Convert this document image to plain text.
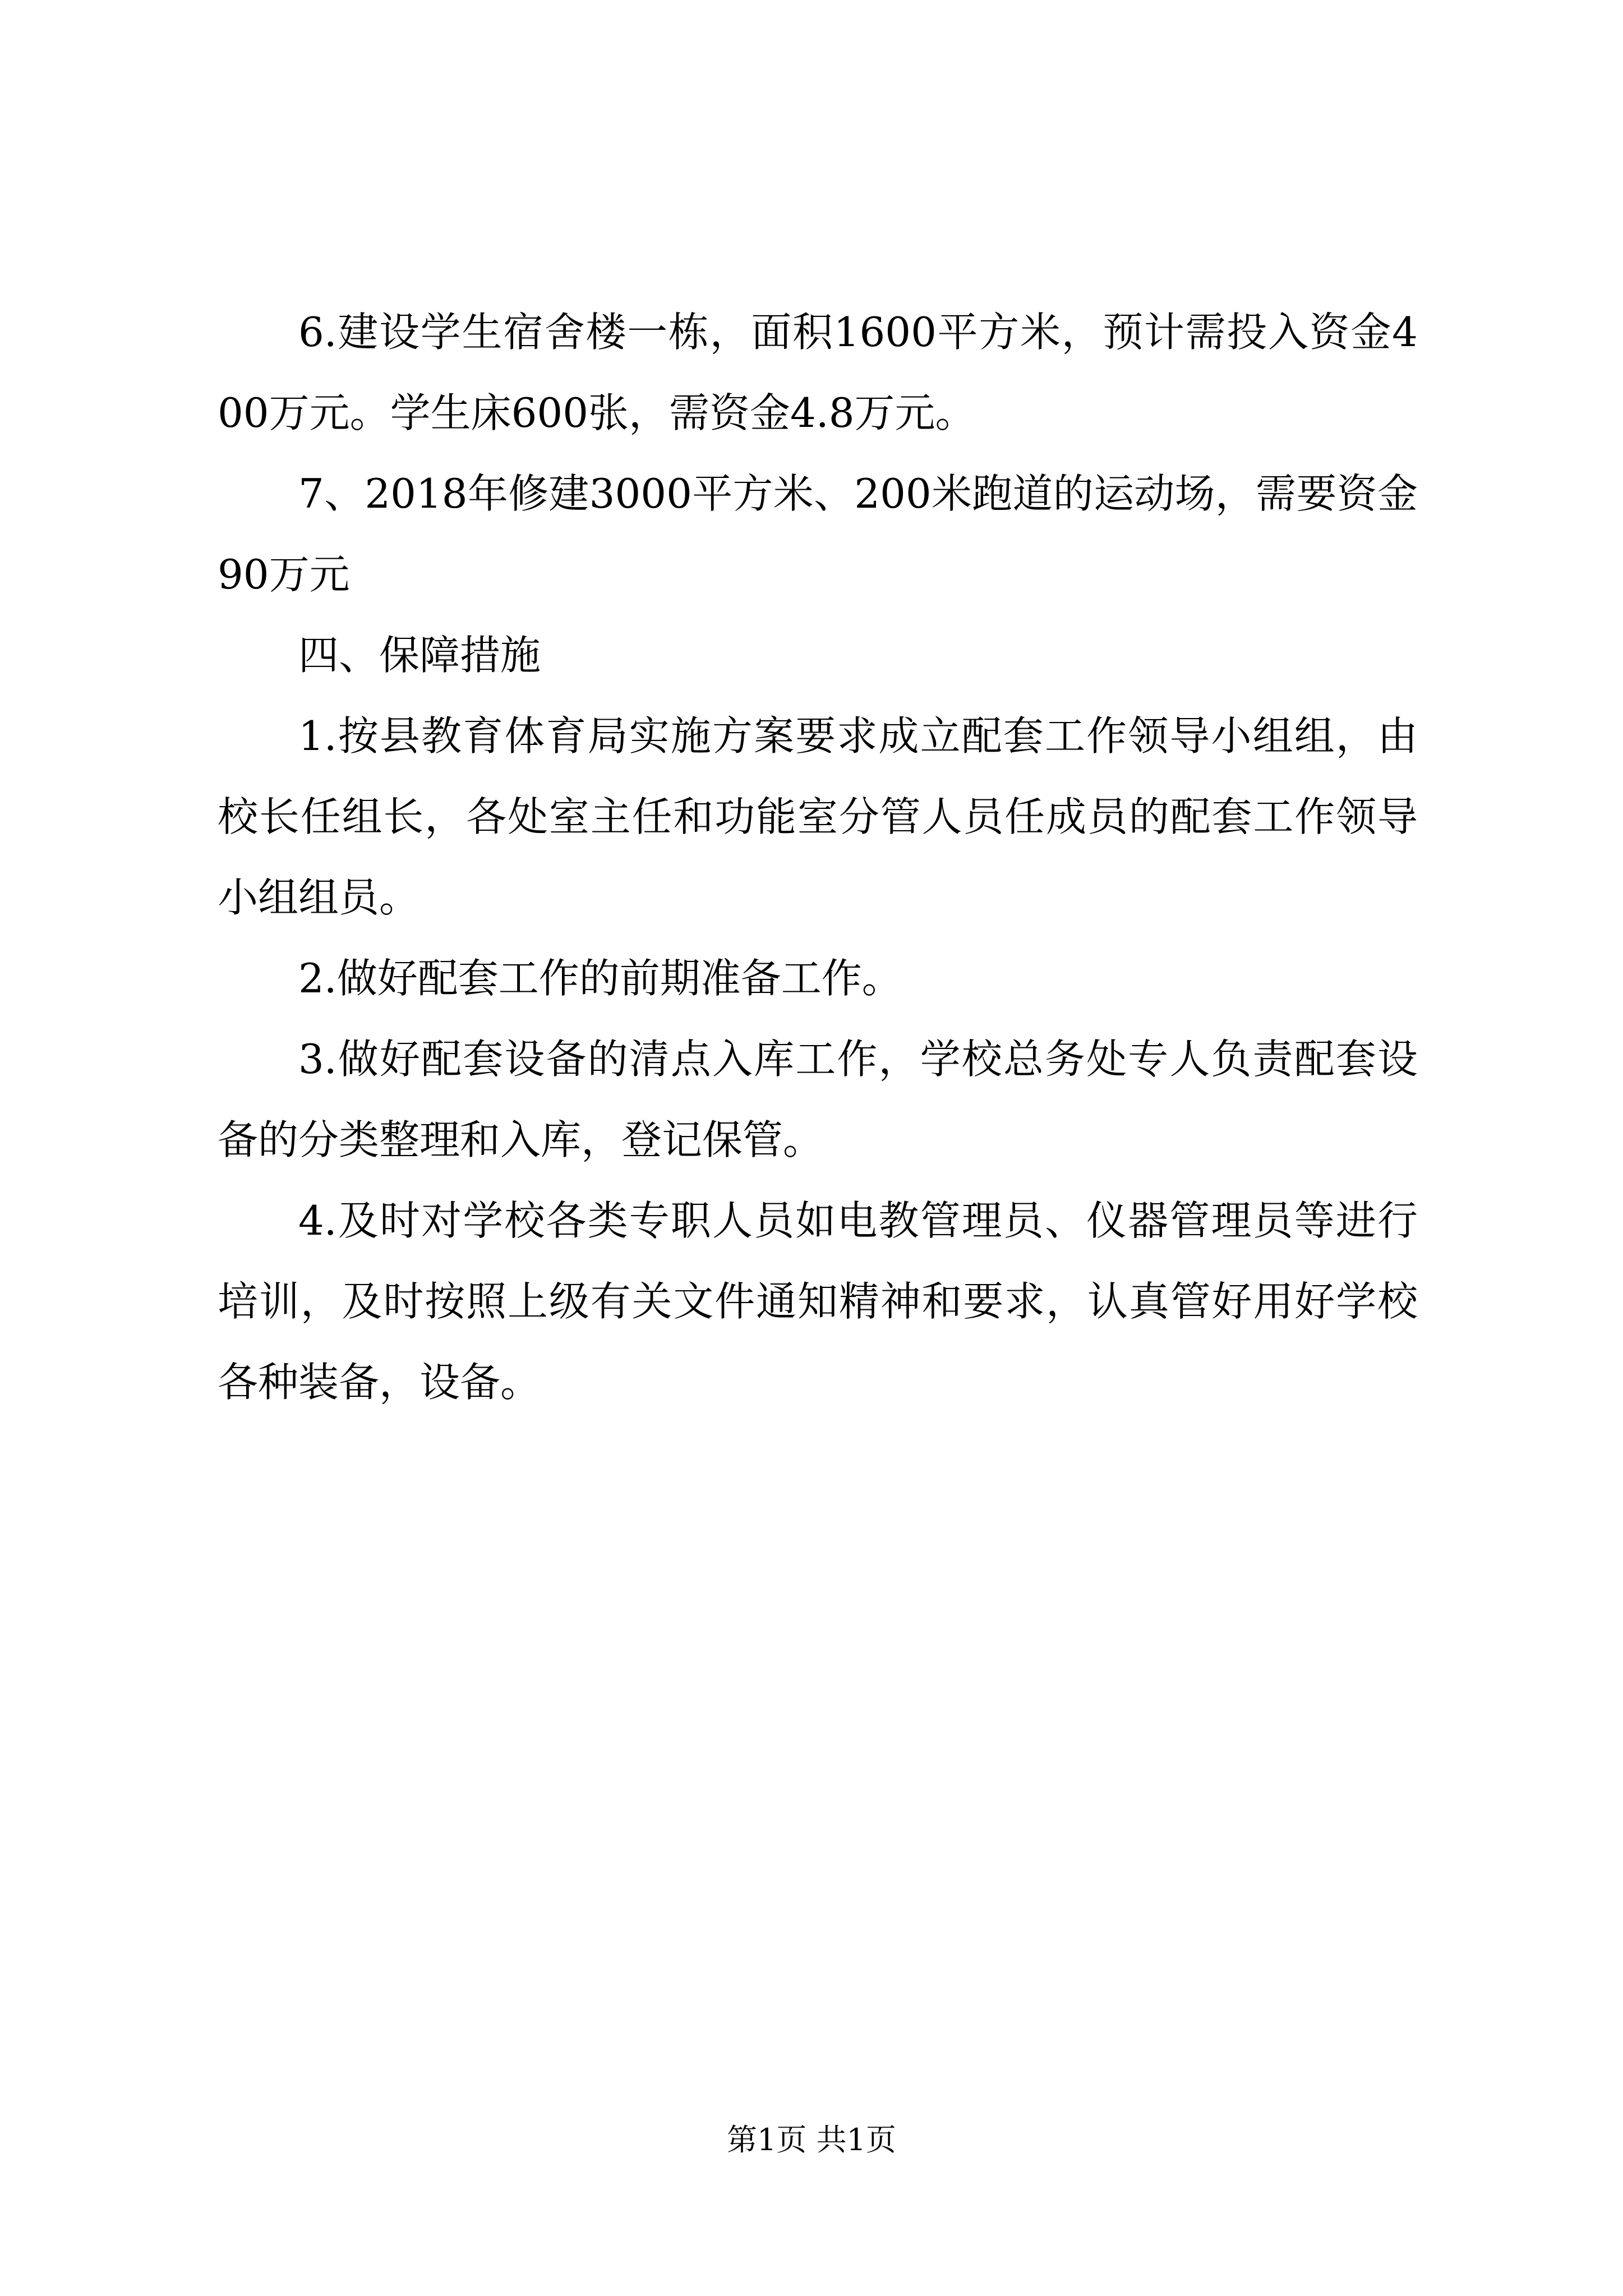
6.建设学生宿舍楼一栋，面积1600平方米，预计需投入资金400万元。学生床600张，需资金4.8万元。

7、2018年修建3000平方米、200米跑道的运动场，需要资金90万元

四、保障措施

1.按县教育体育局实施方案要求成立配套工作领导小组组，由校长任组长，各处室主任和功能室分管人员任成员的配套工作领导小组组员。

2.做好配套工作的前期准备工作。

3.做好配套设备的清点入库工作，学校总务处专人负责配套设备的分类整理和入库，登记保管。

4.及时对学校各类专职人员如电教管理员、仪器管理员等进行培训，及时按照上级有关文件通知精神和要求，认真管好用好学校各种装备，设备。

第1页 共1页
